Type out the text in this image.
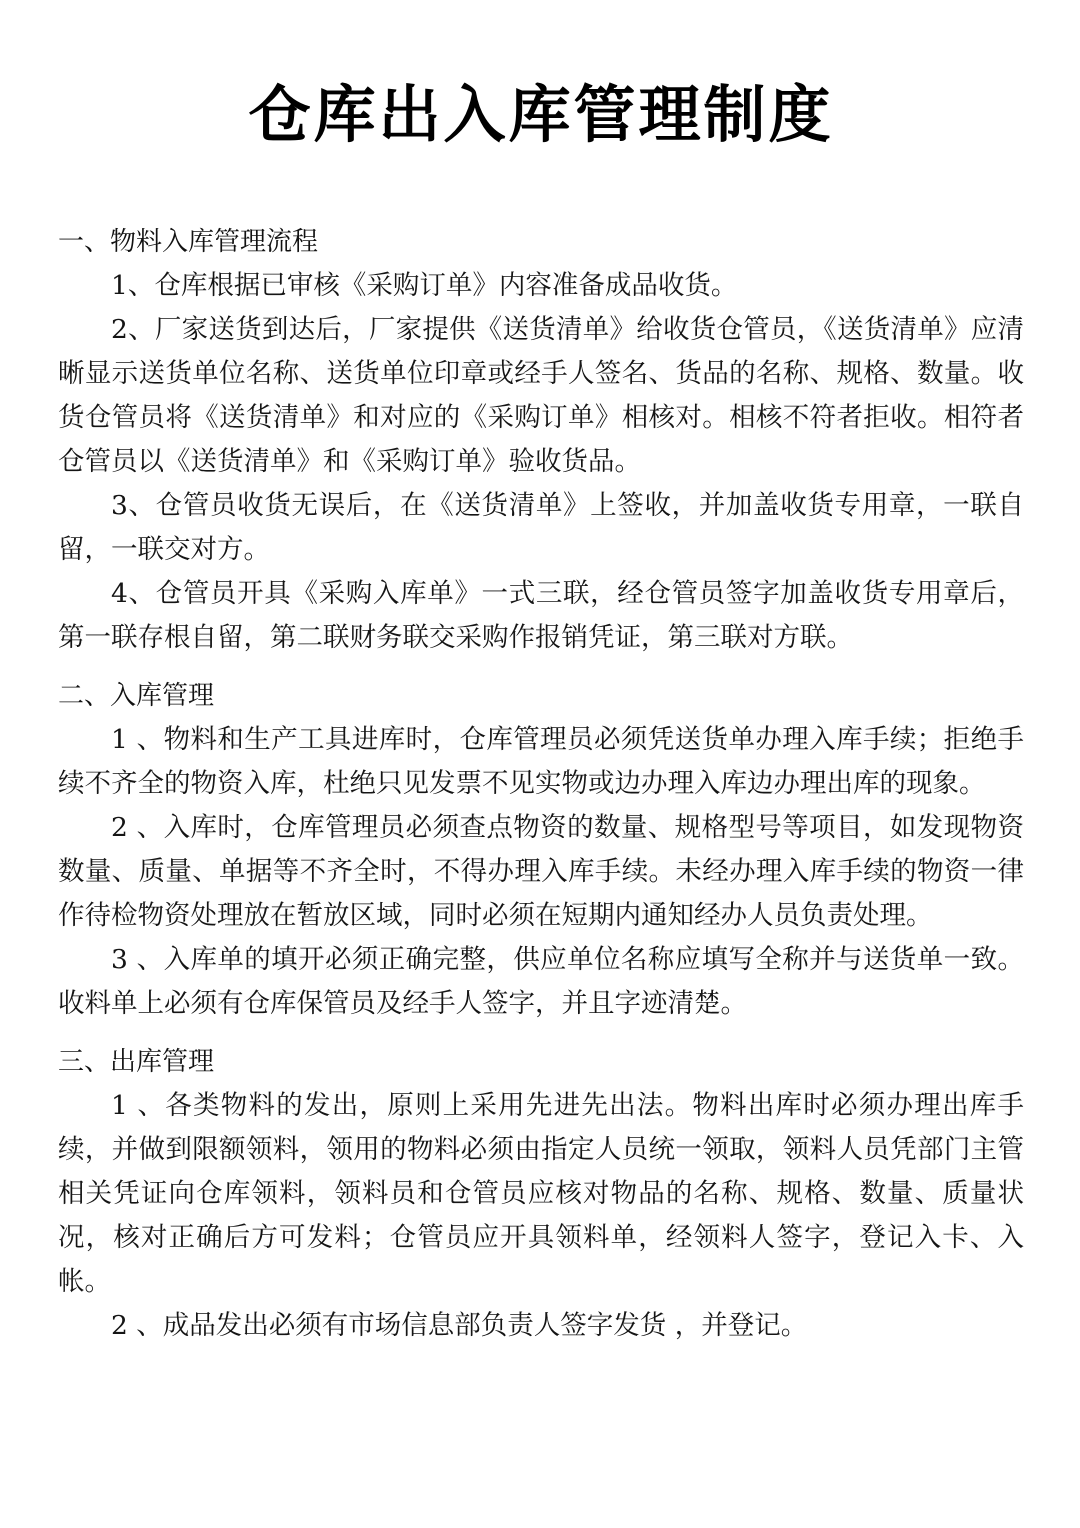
仓库出入库管理制度
一、物料入库管理流程

1、仓库根据已审核《采购订单》内容准备成品收货。

2、厂家送货到达后，厂家提供《送货清单》给收货仓管员，《送货清单》应清晰显示送货单位名称、送货单位印章或经手人签名、货品的名称、规格、数量。收货仓管员将《送货清单》和对应的《采购订单》相核对。相核不符者拒收。相符者仓管员以《送货清单》和《采购订单》验收货品。

3、仓管员收货无误后，在《送货清单》上签收，并加盖收货专用章，一联自留，一联交对方。

4、仓管员开具《采购入库单》一式三联，经仓管员签字加盖收货专用章后，第一联存根自留，第二联财务联交采购作报销凭证，第三联对方联。

二、入库管理

1 、物料和生产工具进库时，仓库管理员必须凭送货单办理入库手续；拒绝手续不齐全的物资入库，杜绝只见发票不见实物或边办理入库边办理出库的现象。

2 、入库时，仓库管理员必须查点物资的数量、规格型号等项目，如发现物资数量、质量、单据等不齐全时，不得办理入库手续。未经办理入库手续的物资一律作待检物资处理放在暂放区域，同时必须在短期内通知经办人员负责处理。

3 、入库单的填开必须正确完整，供应单位名称应填写全称并与送货单一致。收料单上必须有仓库保管员及经手人签字，并且字迹清楚。

三、出库管理

1 、各类物料的发出，原则上采用先进先出法。物料出库时必须办理出库手续，并做到限额领料，领用的物料必须由指定人员统一领取，领料人员凭部门主管相关凭证向仓库领料，领料员和仓管员应核对物品的名称、规格、数量、质量状况，核对正确后方可发料；仓管员应开具领料单，经领料人签字，登记入卡、入帐。

2 、成品发出必须有市场信息部负责人签字发货 ，并登记。
